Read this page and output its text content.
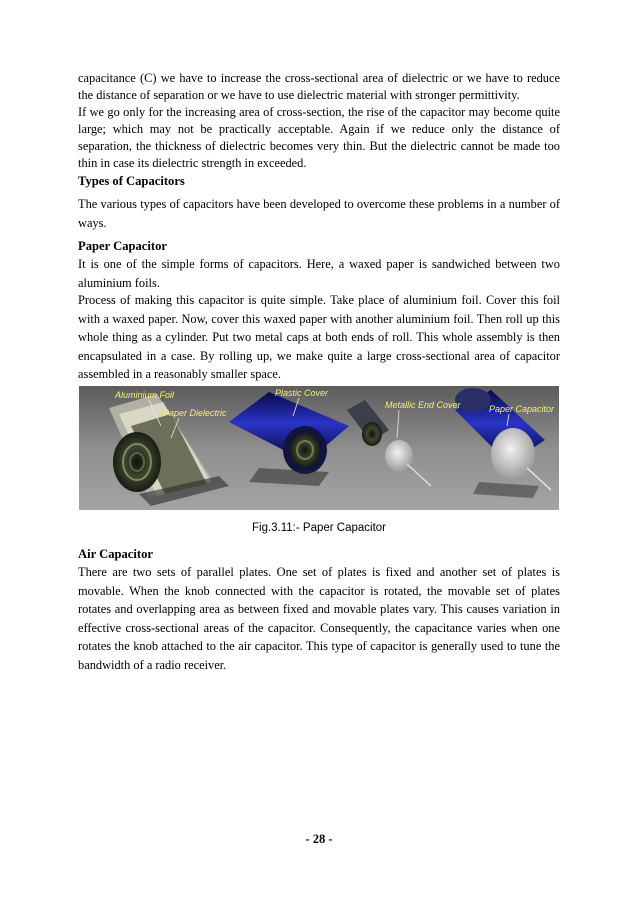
capacitance (C) we have to increase the cross-sectional area of dielectric or we have to reduce the distance of separation or we have to use dielectric material with stronger permittivity.

If we go only for the increasing area of cross-section, the rise of the capacitor may become quite large; which may not be practically acceptable. Again if we reduce only the distance of separation, the thickness of dielectric becomes very thin. But the dielectric cannot be made too thin in case its dielectric strength in exceeded.

Types of Capacitors

The various types of capacitors have been developed to overcome these problems in a number of ways.

Paper Capacitor

It is one of the simple forms of capacitors. Here, a waxed paper is sandwiched between two aluminium foils.

Process of making this capacitor is quite simple. Take place of aluminium foil. Cover this foil with a waxed paper. Now, cover this waxed paper with another aluminium foil. Then roll up this whole thing as a cylinder. Put two metal caps at both ends of roll. This whole assembly is then encapsulated in a case. By rolling up, we make quite a large cross-sectional area of capacitor assembled in a reasonably smaller space.

Aluminium Foil
Paper Dielectric
Plastic Cover
Metallic End Cover	Paper Capacitor
Fig.3.11:- Paper Capacitor

Air Capacitor

There are two sets of parallel plates. One set of plates is fixed and another set of plates is movable. When the knob connected with the capacitor is rotated, the movable set of plates rotates and overlapping area as between fixed and movable plates vary. This causes variation in effective cross-sectional areas of the capacitor. Consequently, the capacitance varies when one rotates the knob attached to the air capacitor. This type of capacitor is generally used to tune the bandwidth of a radio receiver.

- 28 -
